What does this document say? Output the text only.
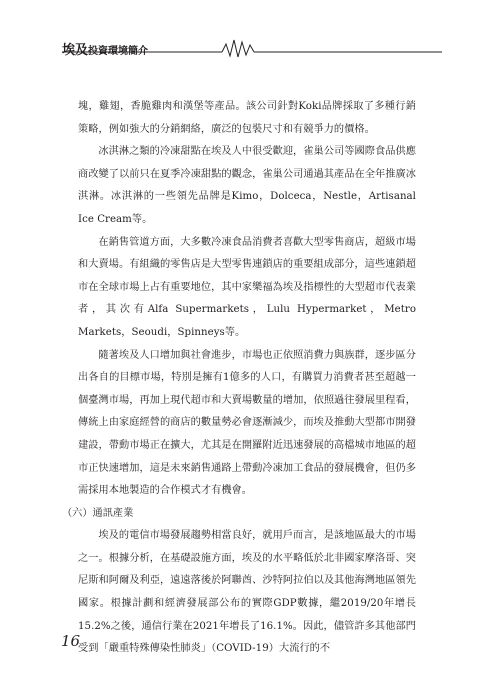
埃及投資環境簡介

塊，雞翅，香脆雞肉和漢堡等產品。該公司針對Koki品牌採取了多種行銷策略，例如強大的分銷網絡，廣泛的包裝尺寸和有競爭力的價格。

冰淇淋之類的冷凍甜點在埃及人中很受歡迎，雀巢公司等國際食品供應商改變了以前只在夏季冷凍甜點的觀念，雀巢公司通過其產品在全年推廣冰淇淋。冰淇淋的一些領先品牌是Kimo，Dolceca，Nestle，Artisanal Ice Cream等。

在銷售管道方面，大多數冷凍食品消費者喜歡大型零售商店，超級市場和大賣場。有組織的零售店是大型零售連鎖店的重要組成部分，這些連鎖超市在全球市場上占有重要地位，其中家樂福為埃及指標性的大型超市代表業者，其次有Alfa Supermarkets，Lulu Hypermarket，Metro Markets，Seoudi，Spinneys等。

隨著埃及人口增加與社會進步，市場也正依照消費力與族群，逐步區分出各自的目標市場，特別是擁有1億多的人口，有購買力消費者甚至超越一個臺灣市場，再加上現代超市和大賣場數量的增加，依照過往發展里程看，傳統上由家庭經營的商店的數量勢必會逐漸減少，而埃及推動大型都市開發建設，帶動市場正在擴大，尤其是在開羅附近迅速發展的高檔城市地區的超市正快速增加，這是未來銷售通路上帶動冷凍加工食品的發展機會，但仍多需採用本地製造的合作模式才有機會。

（六）通訊產業

埃及的電信市場發展趨勢相當良好，就用戶而言，是該地區最大的市場之一。根據分析，在基礎設施方面，埃及的水平略低於北非國家摩洛哥、突尼斯和阿爾及利亞，遠遠落後於阿聯酋、沙特阿拉伯以及其他海灣地區領先國家。根據計劃和經濟發展部公布的實際GDP數據，繼2019/20年增長15.2%之後，通信行業在2021年增長了16.1%。因此，儘管許多其他部門受到「嚴重特殊傳染性肺炎」（COVID-19）大流行的不

16
